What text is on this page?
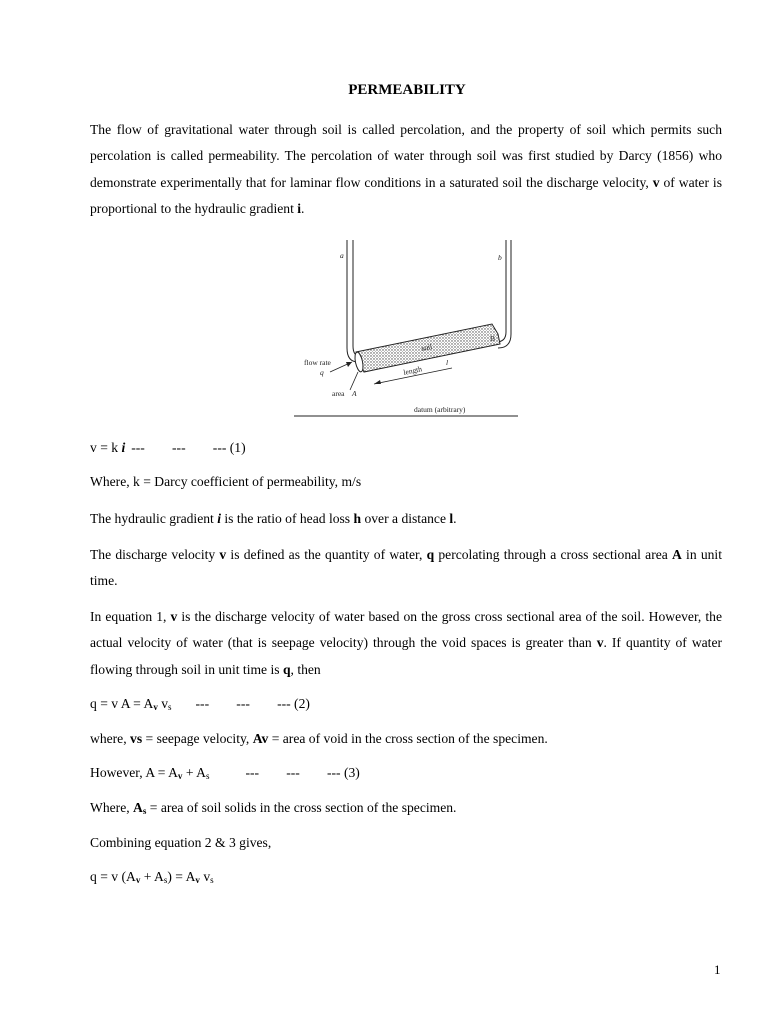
PERMEABILITY
The flow of gravitational water through soil is called percolation, and the property of soil which permits such percolation is called permeability. The percolation of water through soil was first studied by Darcy (1856) who demonstrate experimentally that for laminar flow conditions in a saturated soil the discharge velocity, v of water is proportional to the hydraulic gradient i.
a	b
soil
B
flow rate
q	length
l
area A
datum (arbitrary)
v = k i ---        ---        --- (1)
Where, k = Darcy coefficient of permeability, m/s
The hydraulic gradient i is the ratio of head loss h over a distance l.
The discharge velocity v is defined as the quantity of water, q percolating through a cross sectional area A in unit time.
In equation 1, v is the discharge velocity of water based on the gross cross sectional area of the soil. However, the actual velocity of water (that is seepage velocity) through the void spaces is greater than v. If quantity of water flowing through soil in unit time is q, then
q = v $A = A_v$ $v_s$ ---        ---        --- (2)
where, vs = seepage velocity, Av = area of void in the cross section of the specimen.
However, $A = A_v + A_s$	---        ---        --- (3)
Where, $A_s$ = area of soil solids in the cross section of the specimen.
Combining equation 2 & 3 gives,
q = v $(A_v + A_s) = A_v$ $v_s$
1
